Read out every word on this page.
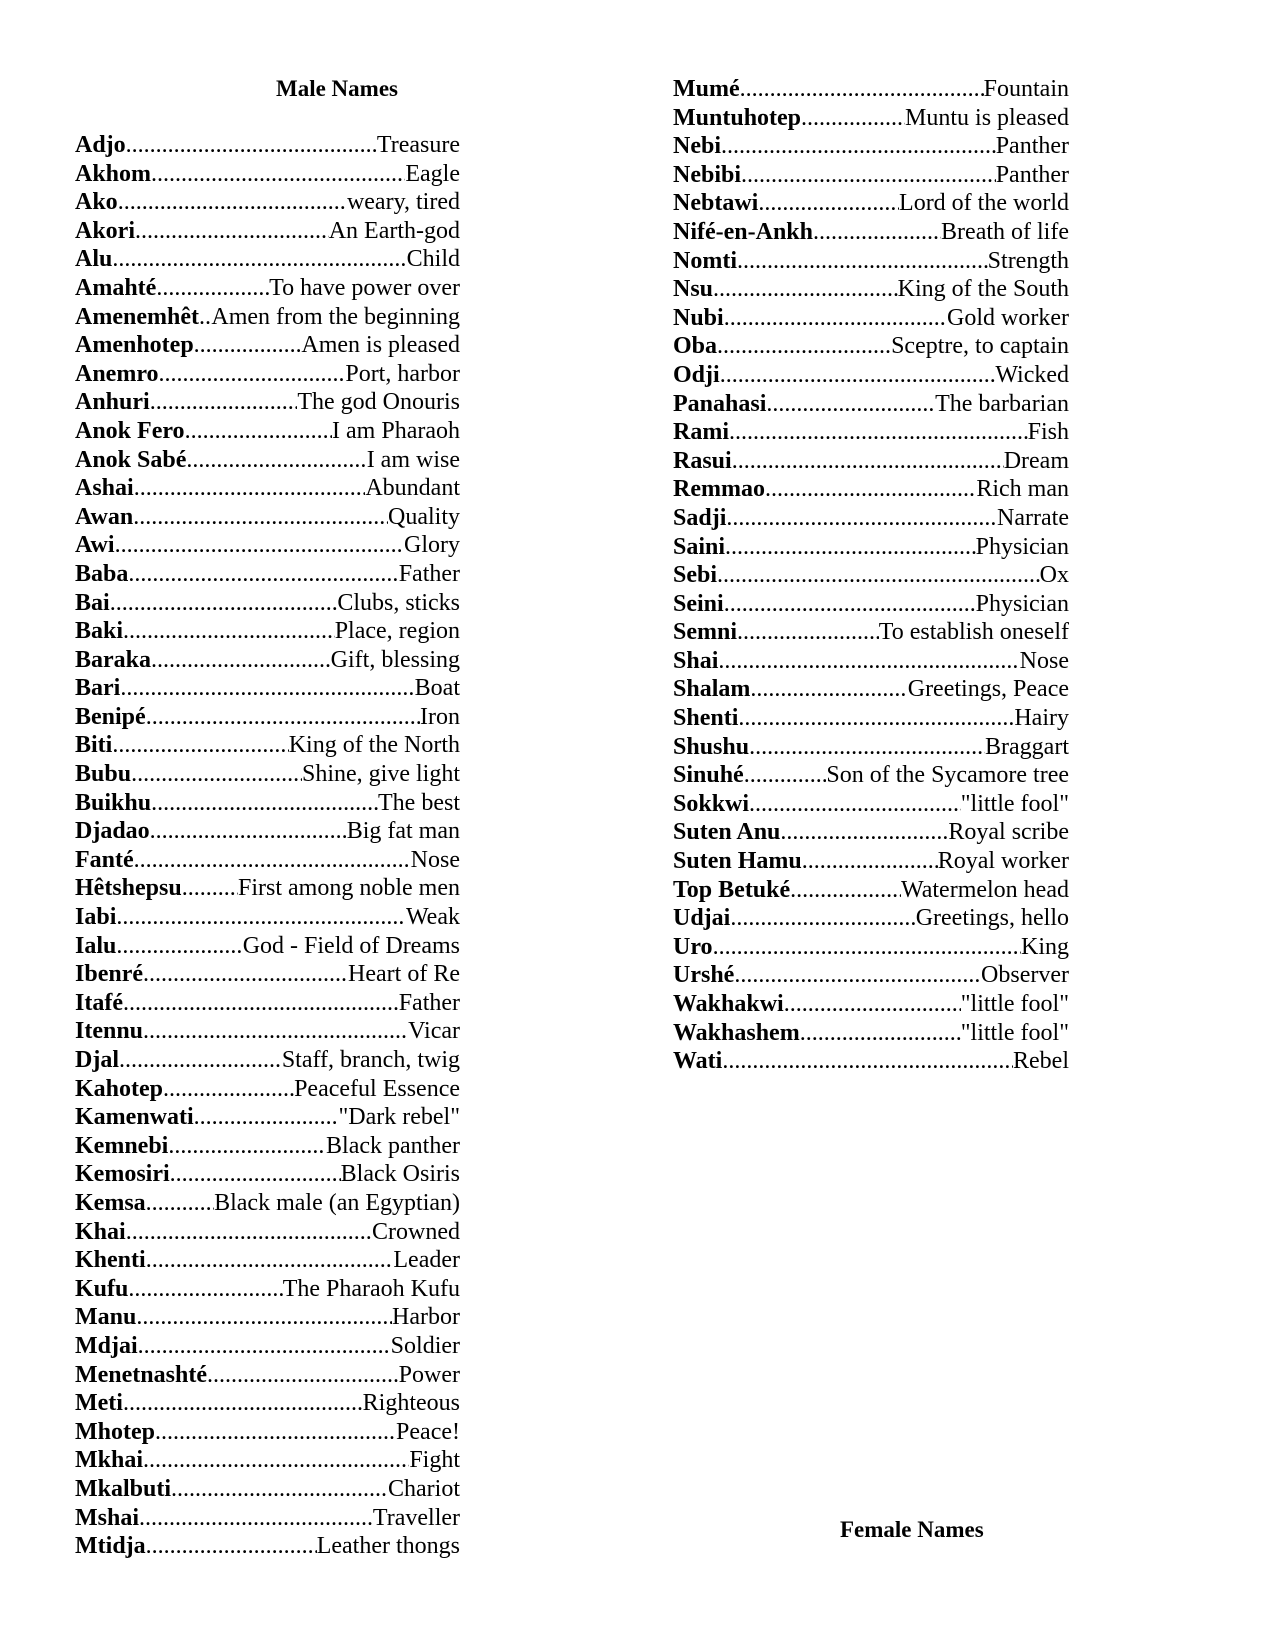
Male Names
Adjo .....	Treasure
Akhom .....	Eagle
Ako .....	weary, tired
Akori .....	An Earth-god
Alu .....	Child
Amahté .....	To have power over
Amenemhêt ..... Amen from the beginning
Amenhotep .....	Amen is pleased
Anemro .....	Port, harbor
Anhuri .....	The god Onouris
Anok Fero .....	I am Pharaoh
Anok Sabé .....	I am wise
Ashai .....	Abundant
Awan .....	Quality
Awi .....	Glory
Baba .....	Father
Bai .....	Clubs, sticks
Baki .....	Place, region
Baraka .....	Gift, blessing
Bari .....	Boat
Benipé .....	Iron
Biti .....	King of the North
Bubu .....	Shine, give light
Buikhu .....	The best
Djadao .....	Big fat man
Fanté .....	Nose
Hêtshepsu ..... First among noble men
Iabi .....	Weak
Ialu .....	God - Field of Dreams
Ibenré .....	Heart of Re
Itafé .....	Father
Itennu .....	Vicar
Djal .....	Staff, branch, twig
Kahotep .....	Peaceful Essence
Kamenwati .....	"Dark rebel"
Kemnebi .....	Black panther
Kemosiri .....	Black Osiris
Kemsa .....	Black male (an Egyptian)
Khai .....	Crowned
Khenti .....	Leader
Kufu .....	The Pharaoh Kufu
Manu .....	Harbor
Mdjai .....	Soldier
Menetnashté .....	Power
Meti .....	Righteous
Mhotep .....	Peace!
Mkhai .....	Fight
Mkalbuti .....	Chariot
Mshai .....	Traveller
Mtidja .....	Leather thongs
Mumé .....	Fountain
Muntuhotep .....	Muntu is pleased
Nebi .....	Panther
Nebibi .....	Panther
Nebtawi .....	Lord of the world
Nifé-en-Ankh .....	Breath of life
Nomti .....	Strength
Nsu .....	King of the South
Nubi .....	Gold worker
Oba .....	Sceptre, to captain
Odji .....	Wicked
Panahasi .....	The barbarian
Rami .....	Fish
Rasui .....	Dream
Remmao .....	Rich man
Sadji .....	Narrate
Saini .....	Physician
Sebi .....	Ox
Seini .....	Physician
Semni .....	To establish oneself
Shai .....	Nose
Shalam .....	Greetings, Peace
Shenti .....	Hairy
Shushu .....	Braggart
Sinuhé .....	Son of the Sycamore tree
Sokkwi .....	"little fool"
Suten Anu .....	Royal scribe
Suten Hamu .....	Royal worker
Top Betuké .....	Watermelon head
Udjai .....	Greetings, hello
Uro .....	King
Urshé .....	Observer
Wakhakwi .....	"little fool"
Wakhashem .....	"little fool"
Wati .....	Rebel
Female Names
